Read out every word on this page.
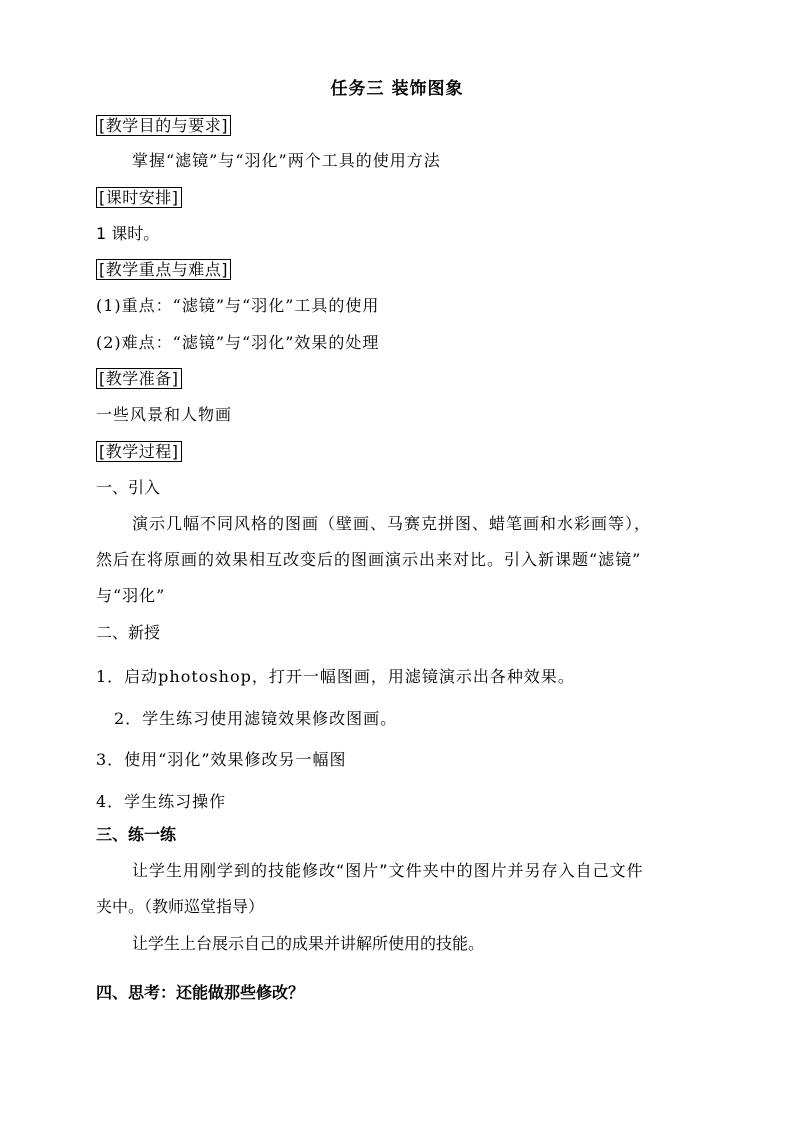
任务三 装饰图象
[教学目的与要求]
掌握“滤镜”与“羽化”两个工具的使用方法
[课时安排]
1 课时。
[教学重点与难点]
(1)重点：“滤镜”与“羽化”工具的使用
(2)难点：“滤镜”与“羽化”效果的处理
[教学准备]
一些风景和人物画
[教学过程]
一、引入
演示几幅不同风格的图画（壁画、马赛克拼图、蜡笔画和水彩画等），
然后在将原画的效果相互改变后的图画演示出来对比。引入新课题“滤镜”
与“羽化”
二、新授
1．启动photoshop，打开一幅图画，用滤镜演示出各种效果。
2．学生练习使用滤镜效果修改图画。
3．使用“羽化”效果修改另一幅图
4．学生练习操作
三、练一练
让学生用刚学到的技能修改“图片”文件夹中的图片并另存入自己文件
夹中。（教师巡堂指导）
让学生上台展示自己的成果并讲解所使用的技能。
四、思考：还能做那些修改？
